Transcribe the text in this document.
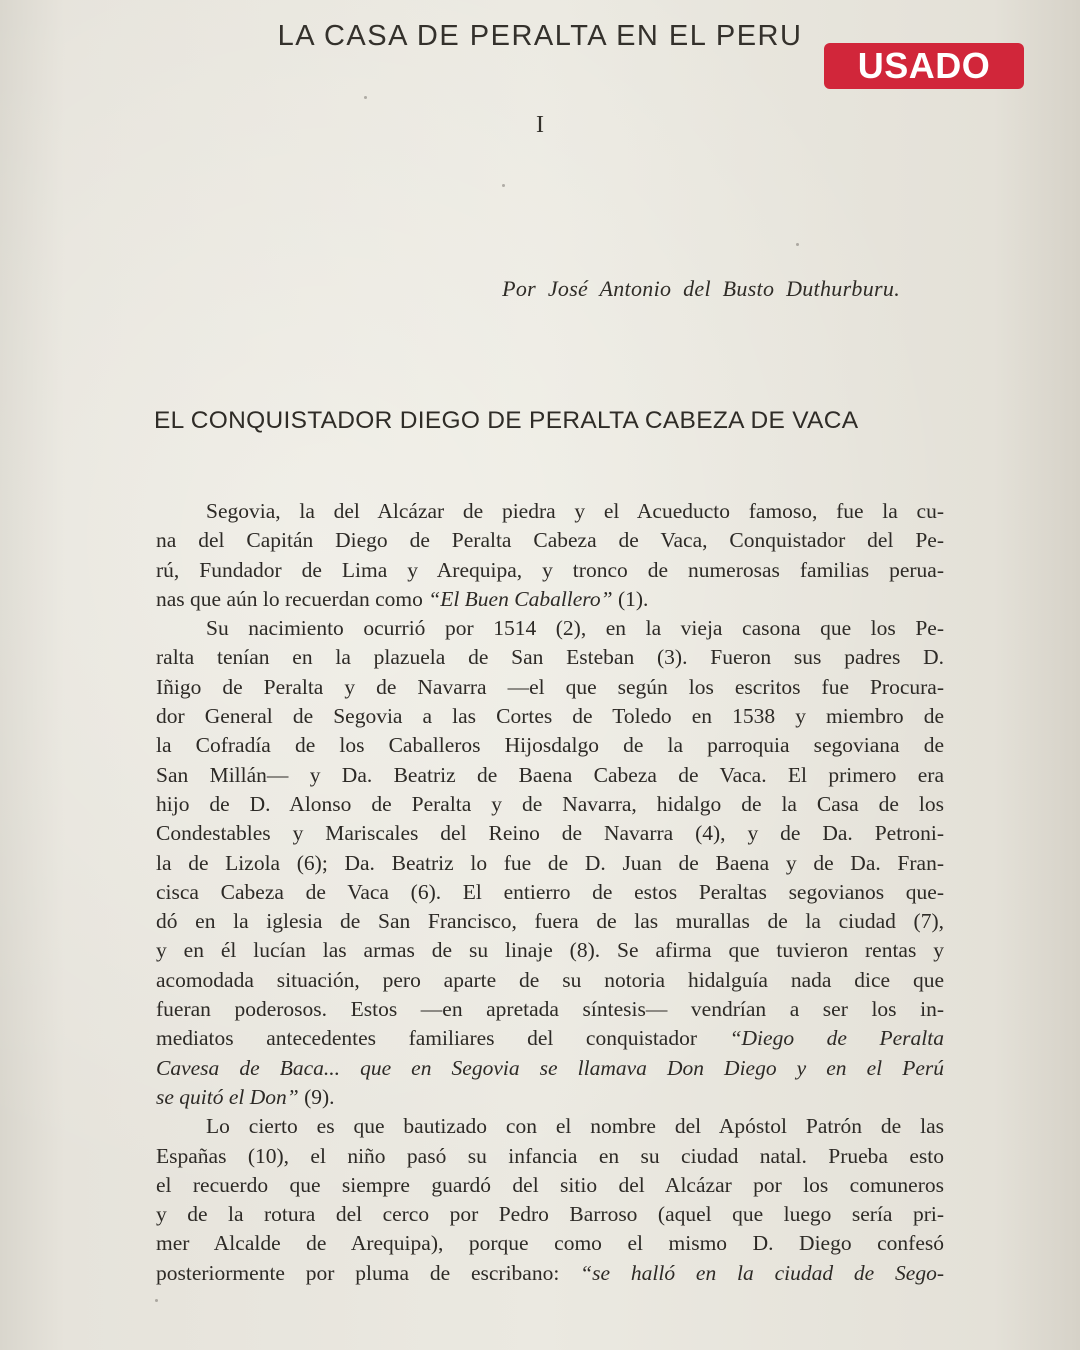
LA CASA DE PERALTA EN EL PERU
USADO
I
Por José Antonio del Busto Duthurburu.
EL CONQUISTADOR DIEGO DE PERALTA CABEZA DE VACA
Segovia, la del Alcázar de piedra y el Acueducto famoso, fue la cu-
na del Capitán Diego de Peralta Cabeza de Vaca, Conquistador del Pe-
rú, Fundador de Lima y Arequipa, y tronco de numerosas familias perua-
nas que aún lo recuerdan como “El Buen Caballero” (1).
Su nacimiento ocurrió por 1514 (2), en la vieja casona que los Pe-
ralta tenían en la plazuela de San Esteban (3). Fueron sus padres D.
Iñigo de Peralta y de Navarra —el que según los escritos fue Procura-
dor General de Segovia a las Cortes de Toledo en 1538 y miembro de
la Cofradía de los Caballeros Hijosdalgo de la parroquia segoviana de
San Millán— y Da. Beatriz de Baena Cabeza de Vaca. El primero era
hijo de D. Alonso de Peralta y de Navarra, hidalgo de la Casa de los
Condestables y Mariscales del Reino de Navarra (4), y de Da. Petroni-
la de Lizola (6); Da. Beatriz lo fue de D. Juan de Baena y de Da. Fran-
cisca Cabeza de Vaca (6). El entierro de estos Peraltas segovianos que-
dó en la iglesia de San Francisco, fuera de las murallas de la ciudad (7),
y en él lucían las armas de su linaje (8). Se afirma que tuvieron rentas y
acomodada situación, pero aparte de su notoria hidalguía nada dice que
fueran poderosos. Estos —en apretada síntesis— vendrían a ser los in-
mediatos antecedentes familiares del conquistador “Diego de Peralta
Cavesa de Baca... que en Segovia se llamava Don Diego y en el Perú
se quitó el Don” (9).
Lo cierto es que bautizado con el nombre del Apóstol Patrón de las
Españas (10), el niño pasó su infancia en su ciudad natal. Prueba esto
el recuerdo que siempre guardó del sitio del Alcázar por los comuneros
y de la rotura del cerco por Pedro Barroso (aquel que luego sería pri-
mer Alcalde de Arequipa), porque como el mismo D. Diego confesó
posteriormente por pluma de escribano: “se halló en la ciudad de Sego-
